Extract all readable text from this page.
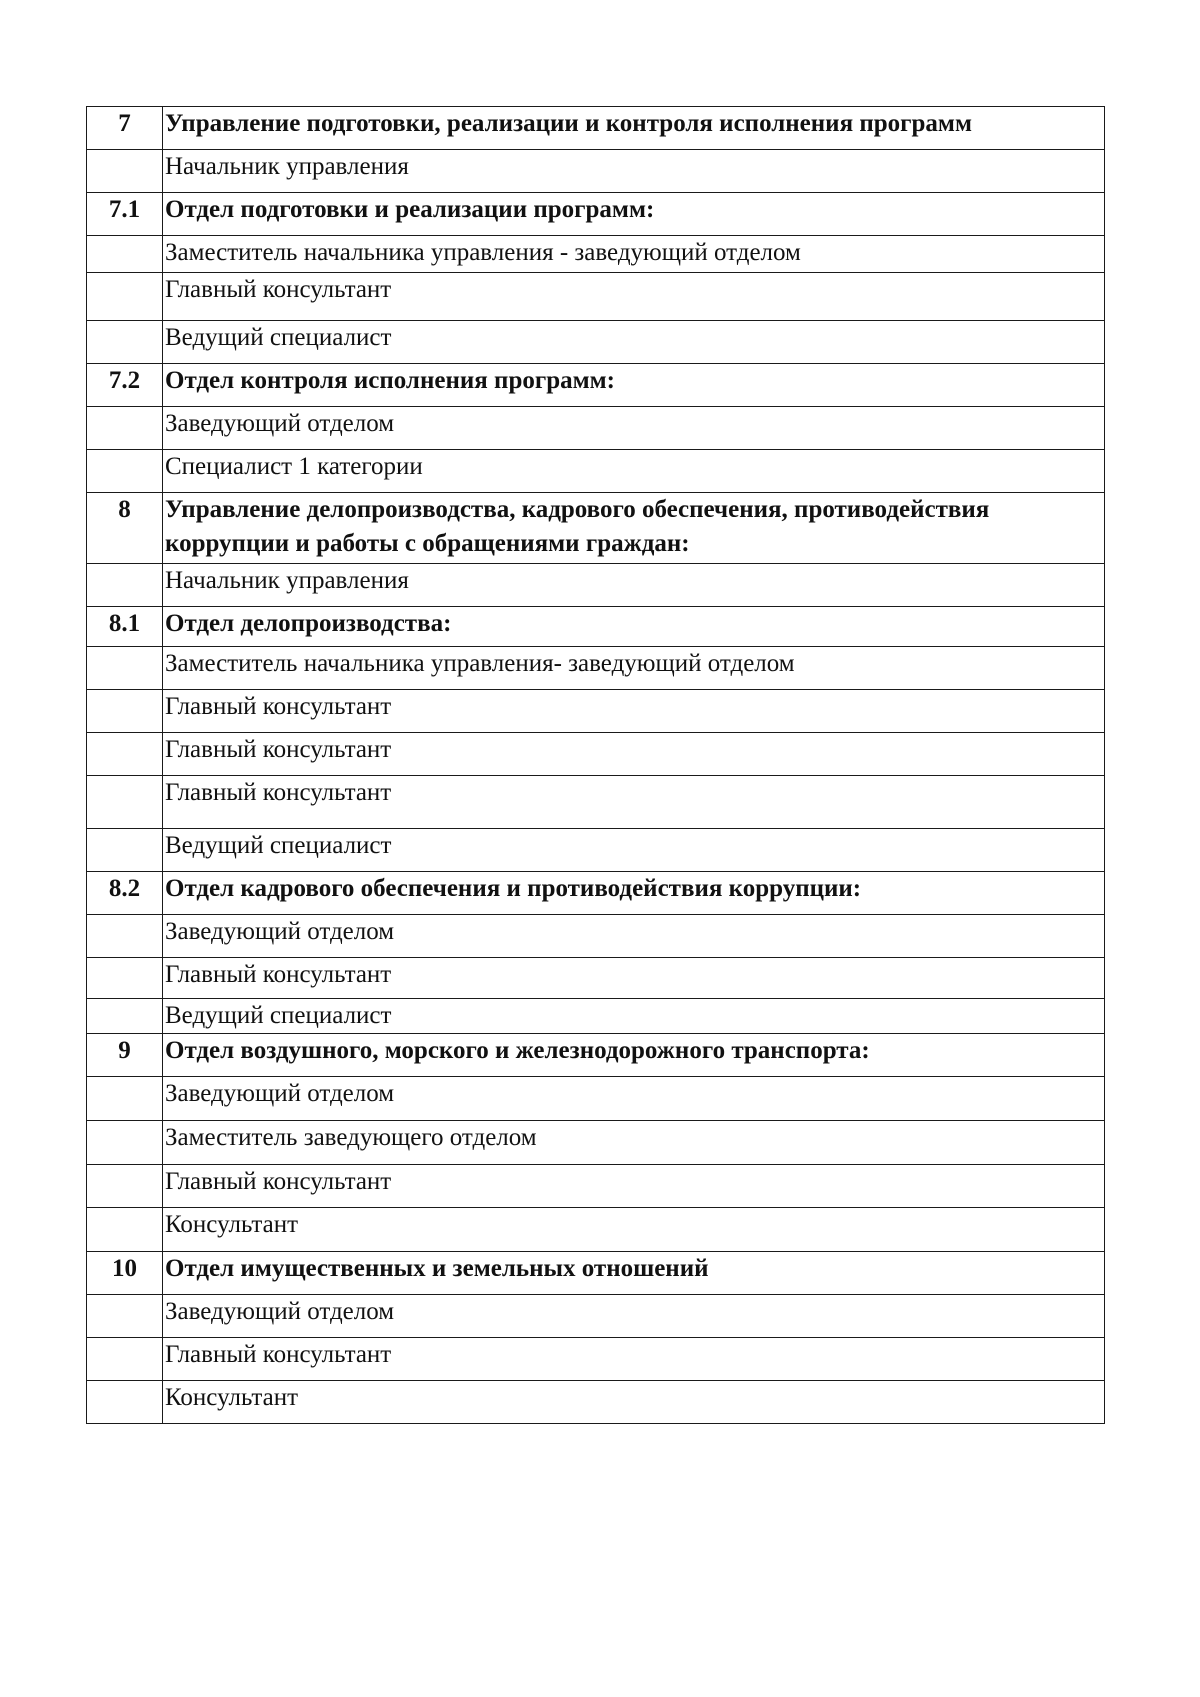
7	Управление подготовки, реализации и контроля исполнения программ
	Начальник управления
7.1	Отдел подготовки и реализации программ:
	Заместитель начальника управления - заведующий отделом
	Главный консультант
	Ведущий специалист
7.2	Отдел контроля исполнения программ:
	Заведующий отделом
	Специалист 1 категории
8	Управление делопроизводства, кадрового обеспечения, противодействия коррупции и работы с обращениями граждан:
	Начальник управления
8.1	Отдел делопроизводства:
	Заместитель начальника управления- заведующий отделом
	Главный консультант
	Главный консультант
	Главный консультант
	Ведущий специалист
8.2	Отдел кадрового обеспечения и противодействия коррупции:
	Заведующий отделом
	Главный консультант
	Ведущий специалист
9	Отдел воздушного, морского и железнодорожного транспорта:
	Заведующий отделом
	Заместитель заведующего отделом
	Главный консультант
	Консультант
10	Отдел имущественных и земельных отношений
	Заведующий отделом
	Главный консультант
	Консультант
